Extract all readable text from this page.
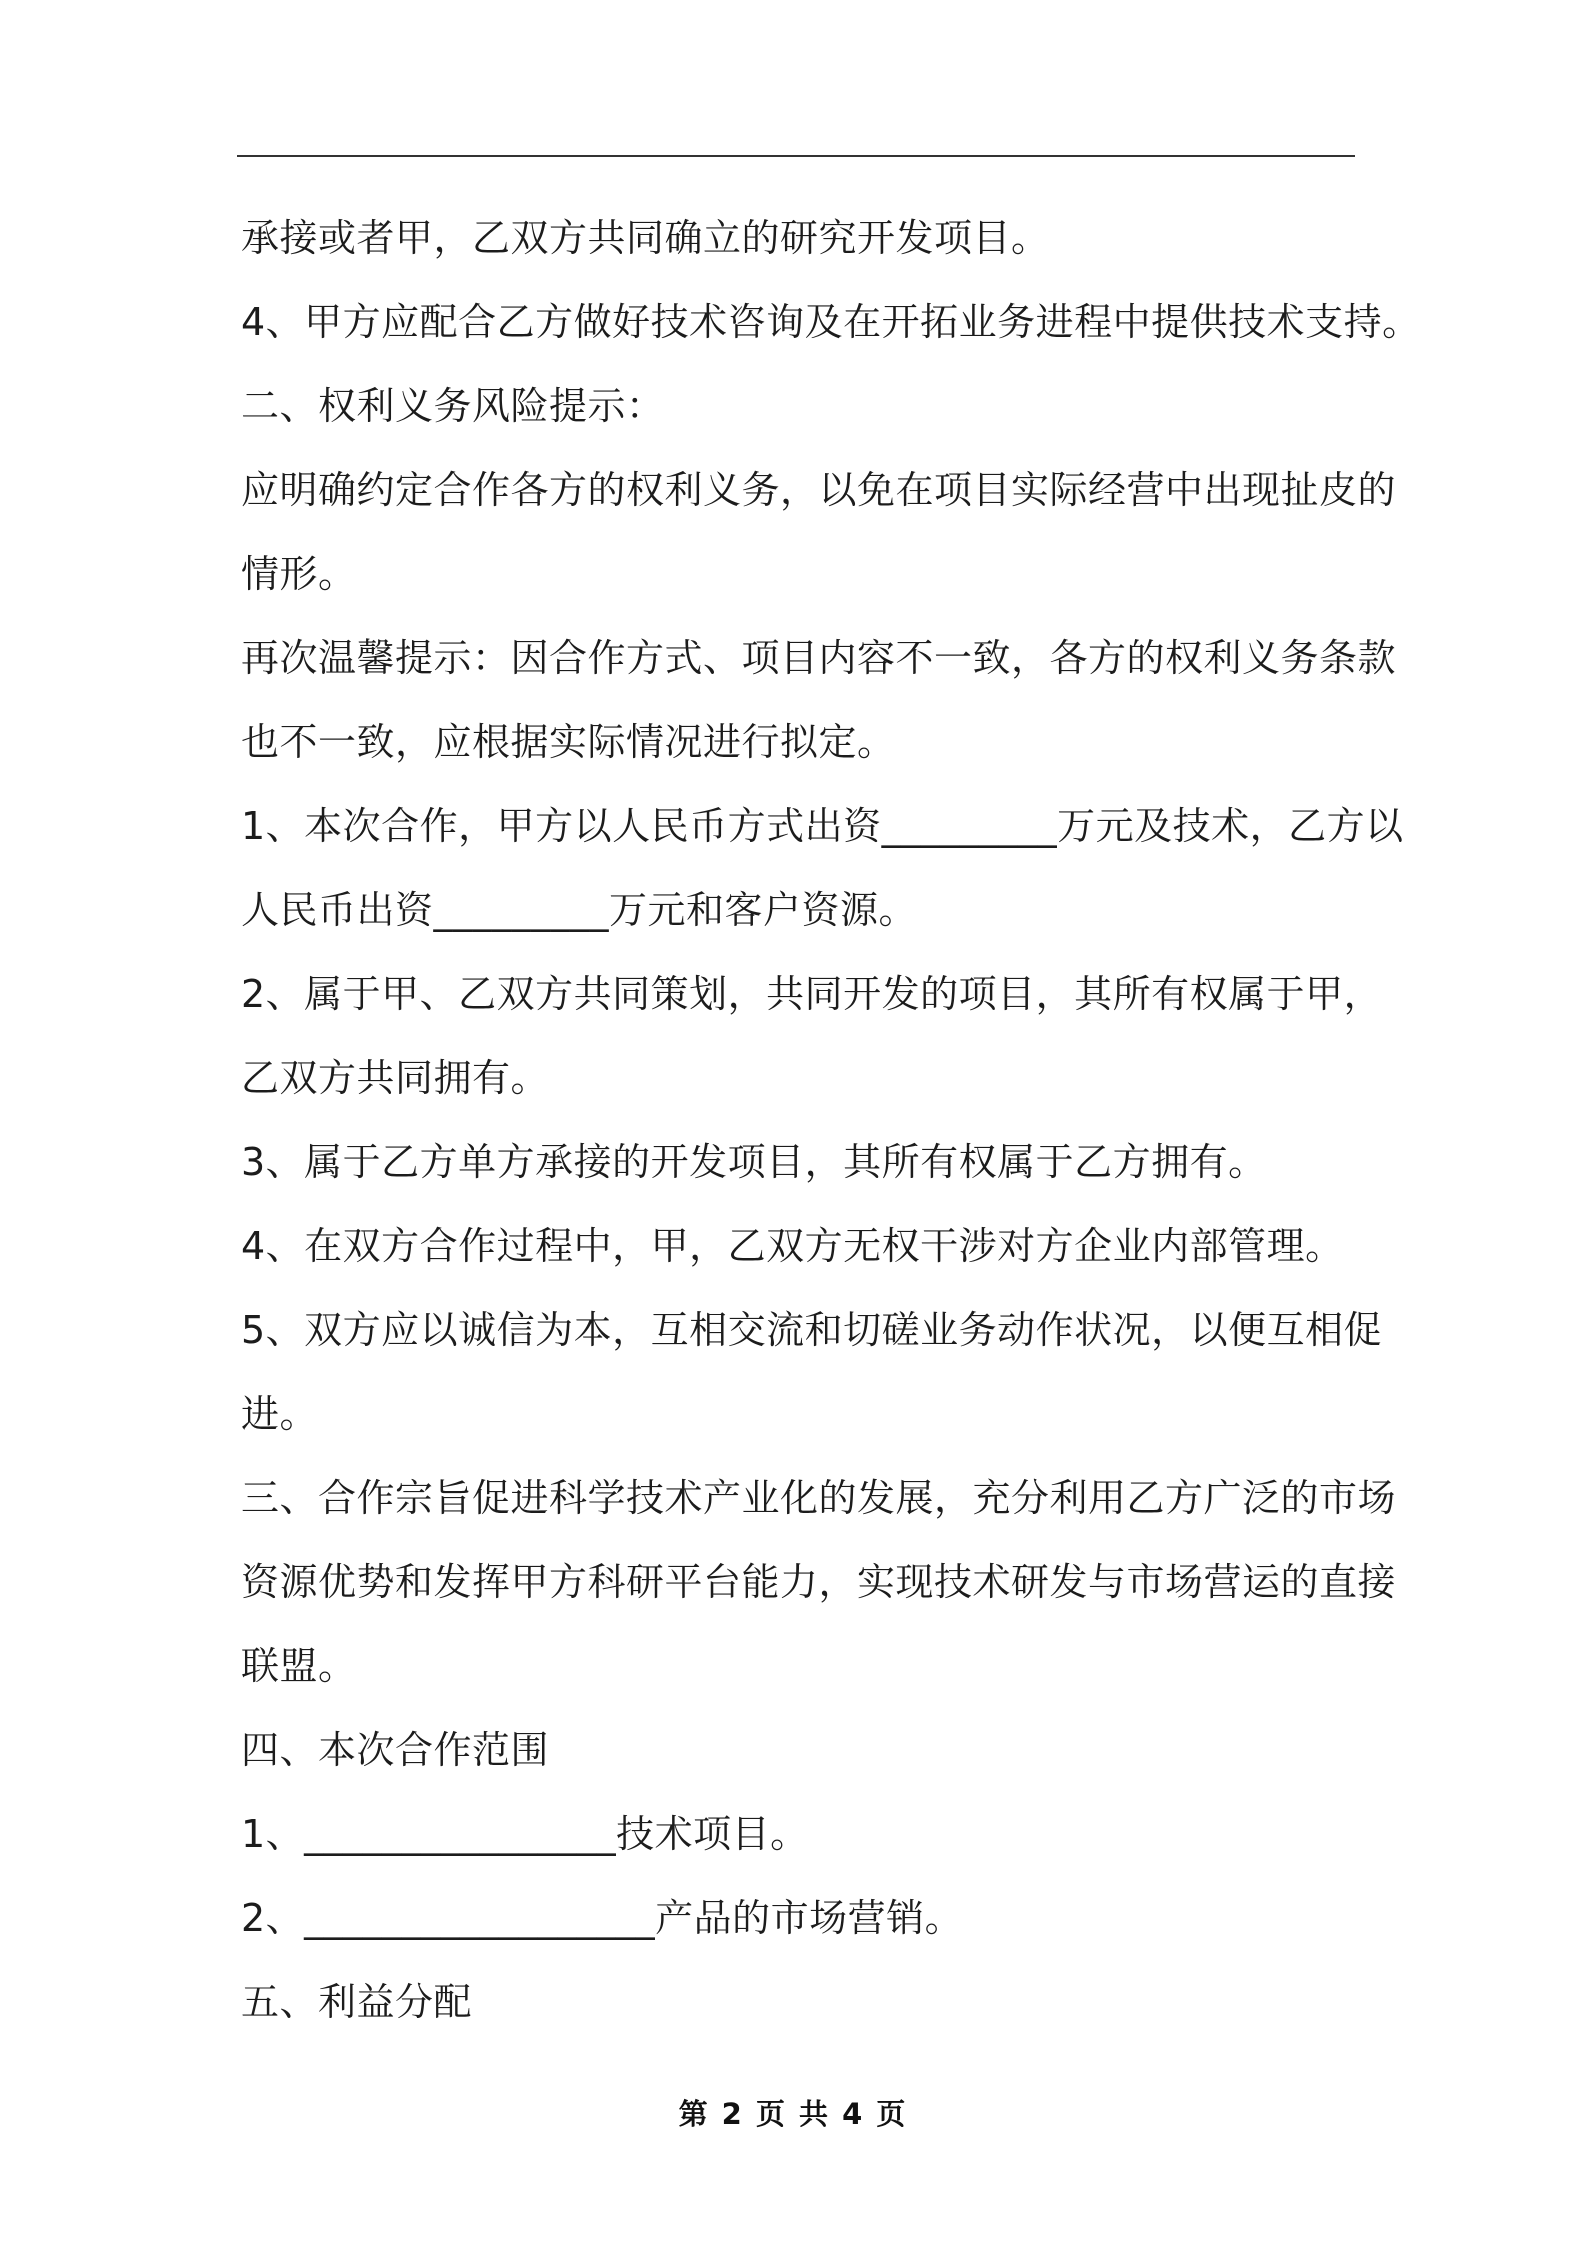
承接或者甲，乙双方共同确立的研究开发项目。
4、甲方应配合乙方做好技术咨询及在开拓业务进程中提供技术支持。
二、权利义务风险提示：
应明确约定合作各方的权利义务，以免在项目实际经营中出现扯皮的
情形。
再次温馨提示：因合作方式、项目内容不一致，各方的权利义务条款
也不一致，应根据实际情况进行拟定。
1、本次合作，甲方以人民币方式出资_________万元及技术，乙方以
人民币出资_________万元和客户资源。
2、属于甲、乙双方共同策划，共同开发的项目，其所有权属于甲，
乙双方共同拥有。
3、属于乙方单方承接的开发项目，其所有权属于乙方拥有。
4、在双方合作过程中，甲，乙双方无权干涉对方企业内部管理。
5、双方应以诚信为本，互相交流和切磋业务动作状况，以便互相促
进。
三、合作宗旨促进科学技术产业化的发展，充分利用乙方广泛的市场
资源优势和发挥甲方科研平台能力，实现技术研发与市场营运的直接
联盟。
四、本次合作范围
1、________________技术项目。
2、__________________产品的市场营销。
五、利益分配
第 2 页 共 4 页
